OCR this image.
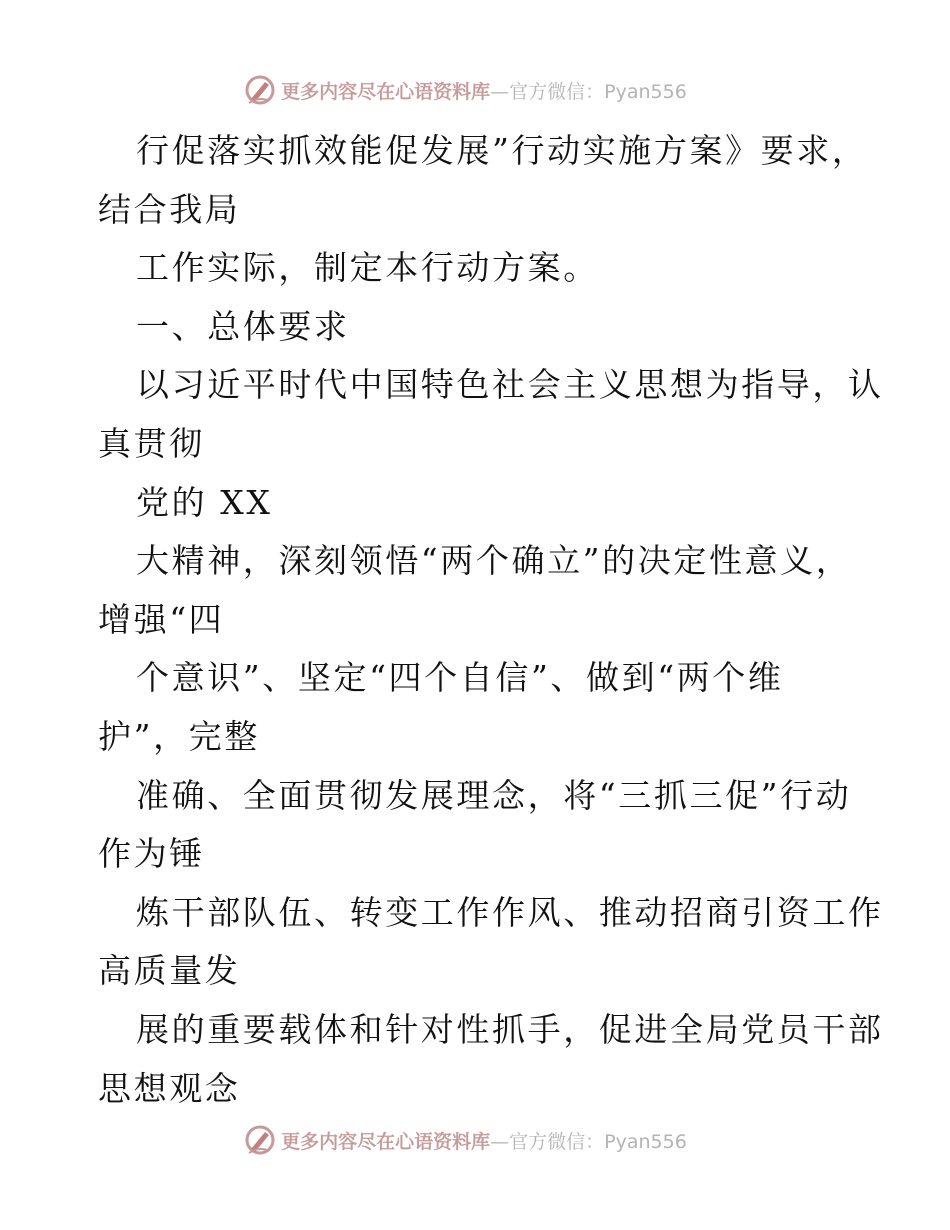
更多内容尽在心语资料库—官方微信：Pyan556
行促落实抓效能促发展”行动实施方案》要求，
结合我局
工作实际，制定本行动方案。
一、总体要求
以习近平时代中国特色社会主义思想为指导，认
真贯彻
党的 XX
大精神，深刻领悟“两个确立”的决定性意义，
增强“四
个意识”、坚定“四个自信”、做到“两个维
护”，完整
准确、全面贯彻发展理念，将“三抓三促”行动
作为锤
炼干部队伍、转变工作作风、推动招商引资工作
高质量发
展的重要载体和针对性抓手，促进全局党员干部
思想观念
更多内容尽在心语资料库—官方微信：Pyan556
